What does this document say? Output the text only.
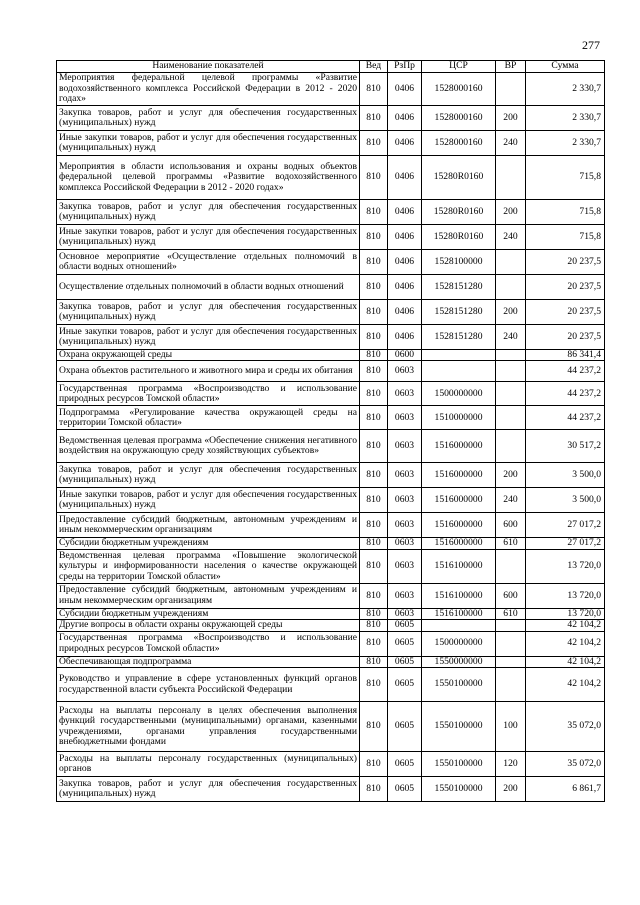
277
Наименование показателей	Вед	РзПр	ЦСР	ВР	Сумма
Мероприятия федеральной целевой программы «Развитие водохозяйственного комплекса Российской Федерации в 2012 - 2020 годах»	810	0406	1528000160		2 330,7
Закупка товаров, работ и услуг для обеспечения государственных (муниципальных) нужд	810	0406	1528000160	200	2 330,7
Иные закупки товаров, работ и услуг для обеспечения государственных (муниципальных) нужд	810	0406	1528000160	240	2 330,7
Мероприятия в области использования и охраны водных объектов федеральной целевой программы «Развитие водохозяйственного комплекса Российской Федерации в 2012 - 2020 годах»	810	0406	15280R0160		715,8
Закупка товаров, работ и услуг для обеспечения государственных (муниципальных) нужд	810	0406	15280R0160	200	715,8
Иные закупки товаров, работ и услуг для обеспечения государственных (муниципальных) нужд	810	0406	15280R0160	240	715,8
Основное мероприятие «Осуществление отдельных полномочий в области водных отношений»	810	0406	1528100000		20 237,5
Осуществление отдельных полномочий в области водных отношений	810	0406	1528151280		20 237,5
Закупка товаров, работ и услуг для обеспечения государственных (муниципальных) нужд	810	0406	1528151280	200	20 237,5
Иные закупки товаров, работ и услуг для обеспечения государственных (муниципальных) нужд	810	0406	1528151280	240	20 237,5
Охрана окружающей среды	810	0600			86 341,4
Охрана объектов растительного и животного мира и среды их обитания	810	0603			44 237,2
Государственная программа «Воспроизводство и использование природных ресурсов Томской области»	810	0603	1500000000		44 237,2
Подпрограмма «Регулирование качества окружающей среды на территории Томской области»	810	0603	1510000000		44 237,2
Ведомственная целевая программа «Обеспечение снижения негативного воздействия на окружающую среду хозяйствующих субъектов»	810	0603	1516000000		30 517,2
Закупка товаров, работ и услуг для обеспечения государственных (муниципальных) нужд	810	0603	1516000000	200	3 500,0
Иные закупки товаров, работ и услуг для обеспечения государственных (муниципальных) нужд	810	0603	1516000000	240	3 500,0
Предоставление субсидий бюджетным, автономным учреждениям и иным некоммерческим организациям	810	0603	1516000000	600	27 017,2
Субсидии бюджетным учреждениям	810	0603	1516000000	610	27 017,2
Ведомственная целевая программа «Повышение экологической культуры и информированности населения о качестве окружающей среды на территории Томской области»	810	0603	1516100000		13 720,0
Предоставление субсидий бюджетным, автономным учреждениям и иным некоммерческим организациям	810	0603	1516100000	600	13 720,0
Субсидии бюджетным учреждениям	810	0603	1516100000	610	13 720,0
Другие вопросы в области охраны окружающей среды	810	0605			42 104,2
Государственная программа «Воспроизводство и использование природных ресурсов Томской области»	810	0605	1500000000		42 104,2
Обеспечивающая подпрограмма	810	0605	1550000000		42 104,2
Руководство и управление в сфере установленных функций органов государственной власти субъекта Российской Федерации	810	0605	1550100000		42 104,2
Расходы на выплаты персоналу в целях обеспечения выполнения функций государственными (муниципальными) органами, казенными учреждениями, органами управления государственными внебюджетными фондами	810	0605	1550100000	100	35 072,0
Расходы на выплаты персоналу государственных (муниципальных) органов	810	0605	1550100000	120	35 072,0
Закупка товаров, работ и услуг для обеспечения государственных (муниципальных) нужд	810	0605	1550100000	200	6 861,7
